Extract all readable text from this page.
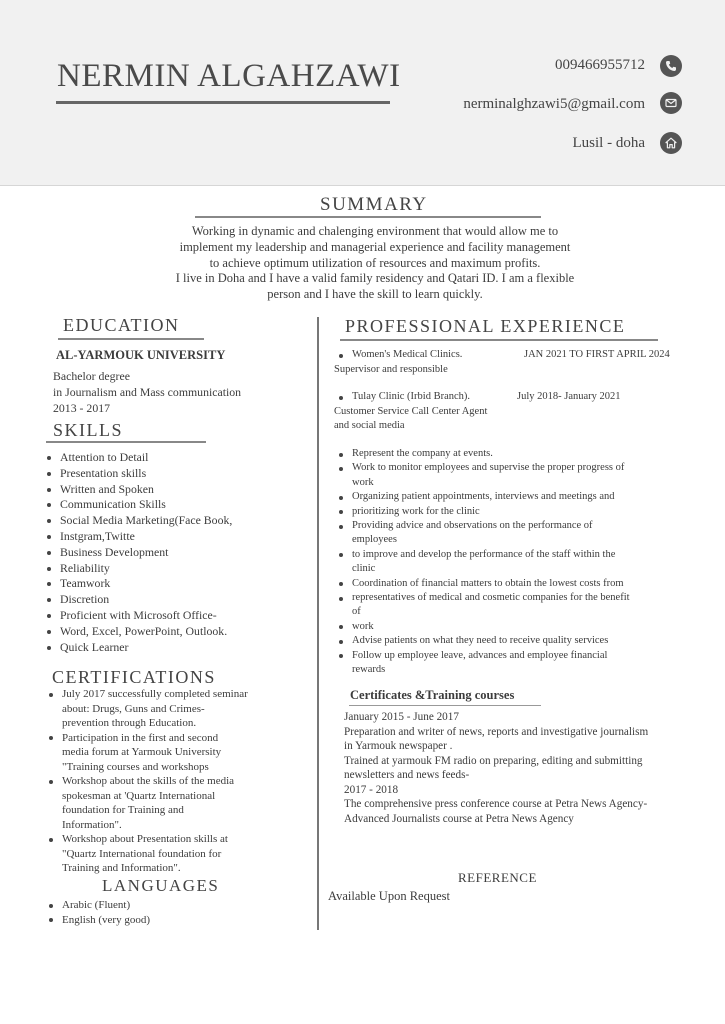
NERMIN ALGAHZAWI	009466955712
nerminalghzawi5@gmail.com
Lusil - doha
SUMMARY
Working in dynamic and chalenging environment that would allow me to
implement my leadership and managerial experience and facility management
to achieve optimum utilization of resources and maximum profits.
I live in Doha and I have a valid family residency and Qatari ID. I am a flexible
person and I have the skill to learn quickly.
EDUCATION
AL-YARMOUK UNIVERSITY
Bachelor degree
in Journalism and Mass communication
2013 - 2017
SKILLS
Attention to Detail
Presentation skills
Written and Spoken
Communication Skills
Social Media Marketing(Face Book,
Instgram,Twitte
Business Development
Reliability
Teamwork
Discretion
Proficient with Microsoft Office-
Word, Excel, PowerPoint, Outlook.
Quick Learner
CERTIFICATIONS
July 2017 successfully completed seminar
about: Drugs, Guns and Crimes-
prevention through Education.
Participation in the first and second
media forum at Yarmouk University
"Training courses and workshops
Workshop about the skills of the media
spokesman at 'Quartz International
foundation for Training and
Information".
Workshop about Presentation skills at
"Quartz International foundation for
Training and Information".
LANGUAGES
Arabic (Fluent)
English (very good)
PROFESSIONAL EXPERIENCE
Women's Medical Clinics.	JAN 2021 TO FIRST APRIL 2024
Supervisor and responsible
Tulay Clinic (Irbid Branch).	July 2018- January 2021
Customer Service Call Center Agent
and social media
Represent the company at events.
Work to monitor employees and supervise the proper progress of
work
Organizing patient appointments, interviews and meetings and
prioritizing work for the clinic
Providing advice and observations on the performance of
employees
to improve and develop the performance of the staff within the
clinic
Coordination of financial matters to obtain the lowest costs from
representatives of medical and cosmetic companies for the benefit
of
work
Advise patients on what they need to receive quality services
Follow up employee leave, advances and employee financial
rewards
Certificates &Training courses
January 2015 - June 2017
Preparation and writer of news, reports and investigative journalism
in Yarmouk newspaper .
Trained at yarmouk FM radio on preparing, editing and submitting
newsletters and news feeds-
2017 - 2018
The comprehensive press conference course at Petra News Agency-
Advanced Journalists course at Petra News Agency
REFERENCE
Available Upon Request
